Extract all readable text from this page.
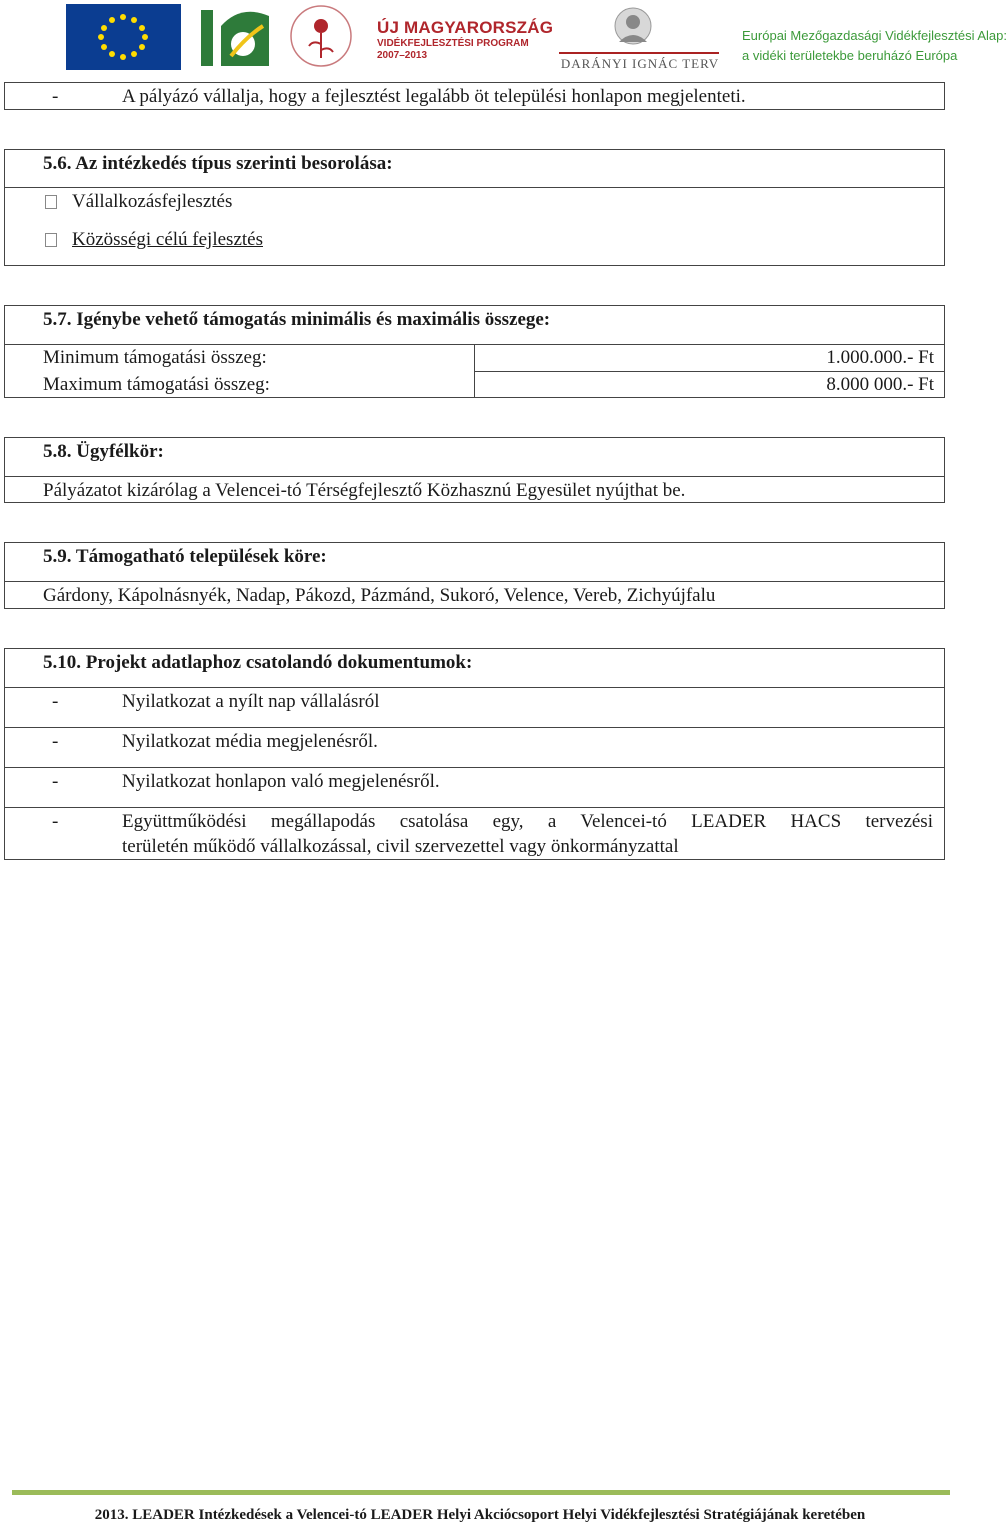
ÚJ MAGYARORSZÁG
VIDÉKFEJLESZTÉSI PROGRAM
2007–2013
DARÁNYI IGNÁC TERV
Európai Mezőgazdasági Vidékfejlesztési Alap:
a vidéki területekbe beruházó Európa
-	A pályázó vállalja, hogy a fejlesztést legalább öt települési honlapon megjelenteti.
5.6. Az intézkedés típus szerinti besorolása:
Vállalkozásfejlesztés
Közösségi célú fejlesztés
5.7. Igénybe vehető támogatás minimális és maximális összege:
Minimum támogatási összeg:	1.000.000.- Ft
Maximum támogatási összeg:	8.000 000.- Ft
5.8. Ügyfélkör:
Pályázatot kizárólag a Velencei-tó Térségfejlesztő Közhasznú Egyesület nyújthat be.
5.9. Támogatható települések köre:
Gárdony, Kápolnásnyék, Nadap, Pákozd, Pázmánd, Sukoró, Velence, Vereb, Zichyújfalu
5.10. Projekt adatlaphoz csatolandó dokumentumok:
-	Nyilatkozat a nyílt nap vállalásról
-	Nyilatkozat média megjelenésről.
-	Nyilatkozat honlapon való megjelenésről.
-	Együttműködési megállapodás csatolása egy, a Velencei-tó LEADER HACS tervezési
területén működő vállalkozással, civil szervezettel vagy önkormányzattal
2013. LEADER Intézkedések a Velencei-tó LEADER Helyi Akciócsoport Helyi Vidékfejlesztési Stratégiájának keretében
